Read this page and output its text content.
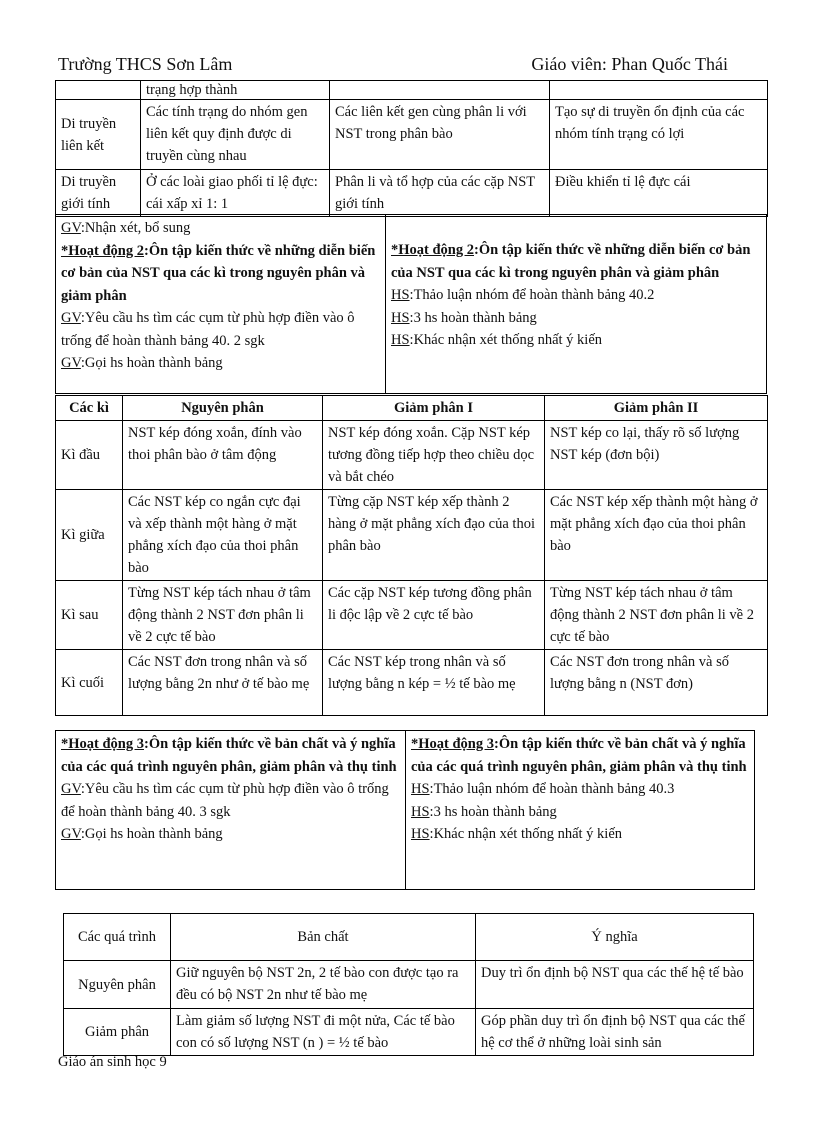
Trường THCS Sơn Lâm	Giáo viên: Phan Quốc Thái
	trạng hợp thành		
Di truyền liên kết	Các tính trạng do nhóm gen liên kết quy định được di truyền cùng nhau	Các liên kết gen cùng phân li với NST trong phân bào	Tạo sự di truyền ổn định của các nhóm tính trạng có lợi
Di truyền giới tính	Ở các loài giao phối tỉ lệ đực: cái xấp xỉ 1: 1	Phân li và tổ hợp của các cặp NST giới tính	Điều khiển tỉ lệ đực cái
GV:Nhận xét, bổ sung
*Hoạt động 2:Ôn tập kiến thức về những diễn biến cơ bản của NST qua các kì trong nguyên phân và giảm phân
GV:Yêu cầu hs tìm các cụm từ phù hợp điền vào ô trống để hoàn thành bảng 40. 2 sgk
GV:Gọi hs hoàn thành bảng
*Hoạt động 2:Ôn tập kiến thức về những diễn biến cơ bản của NST qua các kì trong nguyên phân và giảm phân
HS:Thảo luận nhóm để hoàn thành bảng 40.2
HS:3 hs hoàn thành bảng
HS:Khác nhận xét thống nhất ý kiến
Các kì	Nguyên phân	Giảm phân I	Giảm phân II
Kì đầu	NST kép đóng xoắn, đính vào thoi phân bào ở tâm động	NST kép đóng xoắn. Cặp NST kép tương đồng tiếp hợp theo chiều dọc và bắt chéo	NST kép co lại, thấy rõ số lượng NST kép (đơn bội)
Kì giữa	Các NST kép co ngắn cực đại và xếp thành một hàng ở mặt phẳng xích đạo của thoi phân bào	Từng cặp NST kép xếp thành 2 hàng ở mặt phẳng xích đạo của thoi phân bào	Các NST kép xếp thành một hàng ở mặt phẳng xích đạo của thoi phân bào
Kì sau	Từng NST kép tách nhau ở tâm động thành 2 NST đơn phân li về 2 cực tế bào	Các cặp NST kép tương đồng phân li độc lập về 2 cực tế bào	Từng NST kép tách nhau ở tâm động thành 2 NST đơn phân li về 2 cực tế bào
Kì cuối	Các NST đơn trong nhân và số lượng bằng 2n như ở tế bào mẹ	Các NST kép trong nhân và số lượng bằng n kép = ½ tế bào mẹ	Các NST đơn trong nhân và số lượng bằng n (NST đơn)
*Hoạt động 3:Ôn tập kiến thức về bản chất và ý nghĩa của các quá trình nguyên phân, giảm phân và thụ tinh
GV:Yêu cầu hs tìm các cụm từ phù hợp điền vào ô trống để hoàn thành bảng 40. 3 sgk
GV:Gọi hs hoàn thành bảng
*Hoạt động 3:Ôn tập kiến thức về bản chất và ý nghĩa của các quá trình nguyên phân, giảm phân và thụ tinh
HS:Thảo luận nhóm để hoàn thành bảng 40.3
HS:3 hs hoàn thành bảng
HS:Khác nhận xét thống nhất ý kiến
Các quá trình	Bản chất	Ý nghĩa
Nguyên phân	Giữ nguyên bộ NST 2n, 2 tế bào con được tạo ra đều có bộ NST 2n như tế bào mẹ	Duy trì ổn định bộ NST qua các thế hệ tế bào
Giảm phân	Làm giảm số lượng NST đi một nửa, Các tế bào con có số lượng NST (n ) = ½ tế bào	Góp phần duy trì ổn định bộ NST qua các thế hệ cơ thể ở những loài sinh sản
Giáo án sinh học 9
